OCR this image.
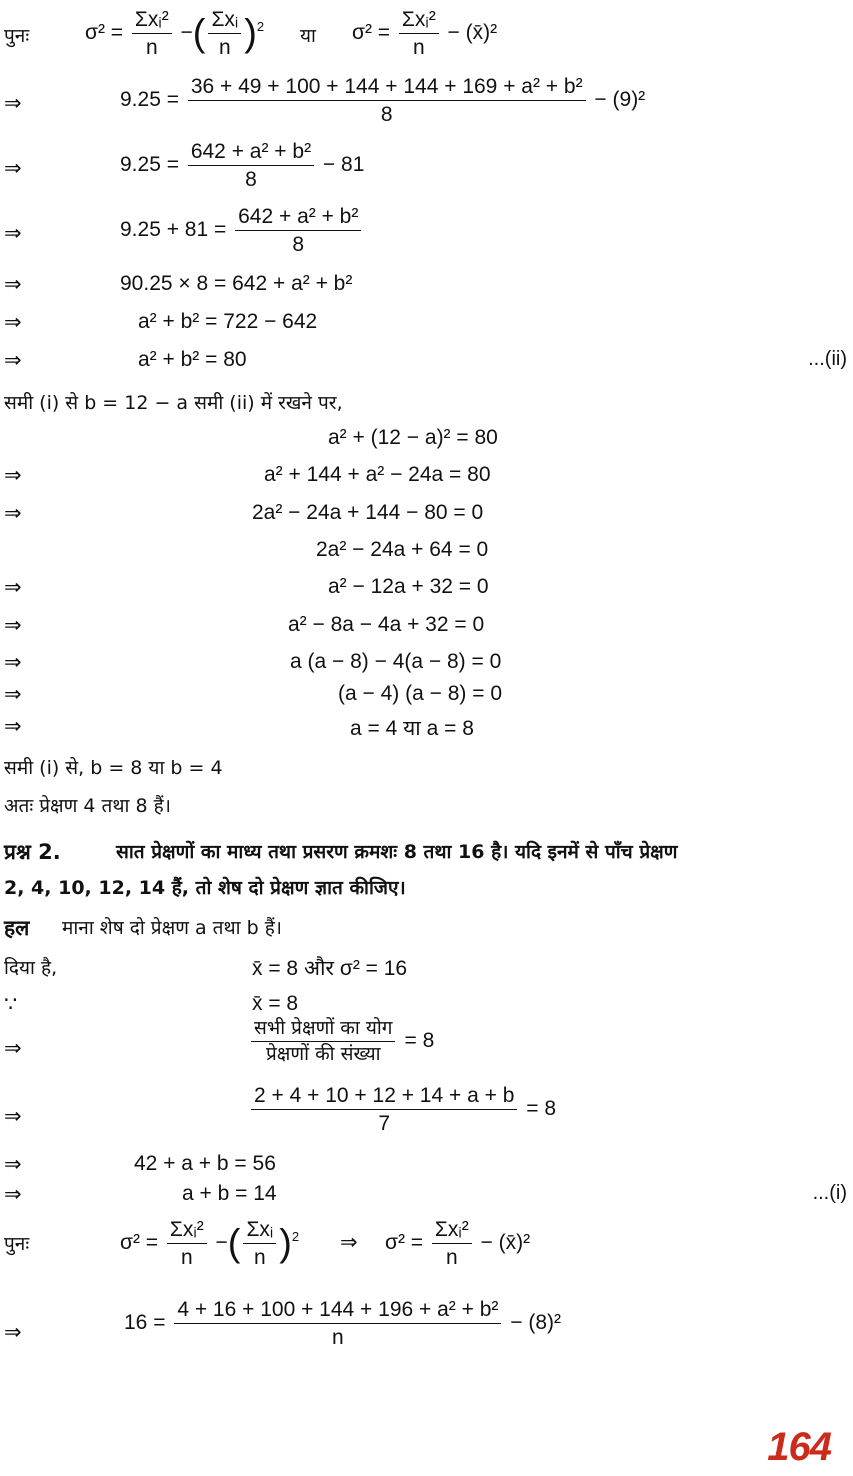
पुनः	$\sigma^2 = \frac{\text{Σxᵢ²}}{n}$ −( $\frac{\text{Σxᵢ}}{n} )^2$ या $\sigma^2 = \frac{\text{Σxᵢ²}}{n}$ − (x̄)²
⇒	$9.25 = \frac{\text{36 + 49 + 100 + 144 + 144 + 169 + a² + b²}}{8} - (9)^2$
⇒	$9.25 = \frac{\text{642 + a² + b²}}{8} - 81$
⇒	$9.25 + 81 = \frac{\text{642 + a² + b²}}{8}$
⇒	90.25 × 8 = 642 + a² + b²
⇒	a² + b² = 722 − 642
⇒	a² + b² = 80	...(ii)
समी (i) से b = 12 − a समी (ii) में रखने पर,
a² + (12 − a)² = 80
⇒	a² + 144 + a² − 24a = 80
⇒	2a² − 24a + 144 − 80 = 0
2a² − 24a + 64 = 0
⇒	a² − 12a + 32 = 0
⇒	a² − 8a − 4a + 32 = 0
⇒	a (a − 8) − 4(a − 8) = 0
⇒	(a − 4) (a − 8) = 0
⇒	a = 4 या a = 8
समी (i) से, b = 8 या b = 4
अतः प्रेक्षण 4 तथा 8 हैं।
प्रश्न 2.	सात प्रेक्षणों का माध्य तथा प्रसरण क्रमशः 8 तथा 16 है। यदि इनमें से पाँच प्रेक्षण
2, 4, 10, 12, 14 हैं, तो शेष दो प्रेक्षण ज्ञात कीजिए।
हल माना शेष दो प्रेक्षण a तथा b हैं।
दिया है,	x̄ = 8 और σ² = 16
∵	x̄ = 8
⇒	$\frac{\text{सभी प्रेक्षणों का योग}}{\text{प्रेक्षणों की संख्या}} = 8$
⇒	$\frac{2 + 4 + 10 + 12 + 14 + a + b}{7} = 8$
⇒	42 + a + b = 56
⇒	a + b = 14	...(i)
पुनः	$\sigma^2 = \frac{\text{Σxᵢ²}}{n}$ −( $\frac{\text{Σxᵢ}}{n} )^2$ ⇒ $\sigma^2 = \frac{\text{Σxᵢ²}}{n}$ − (x̄)²
⇒	$16 = \frac{\text{4 + 16 + 100 + 144 + 196 + a² + b²}}{n} - (8)^2$
164
